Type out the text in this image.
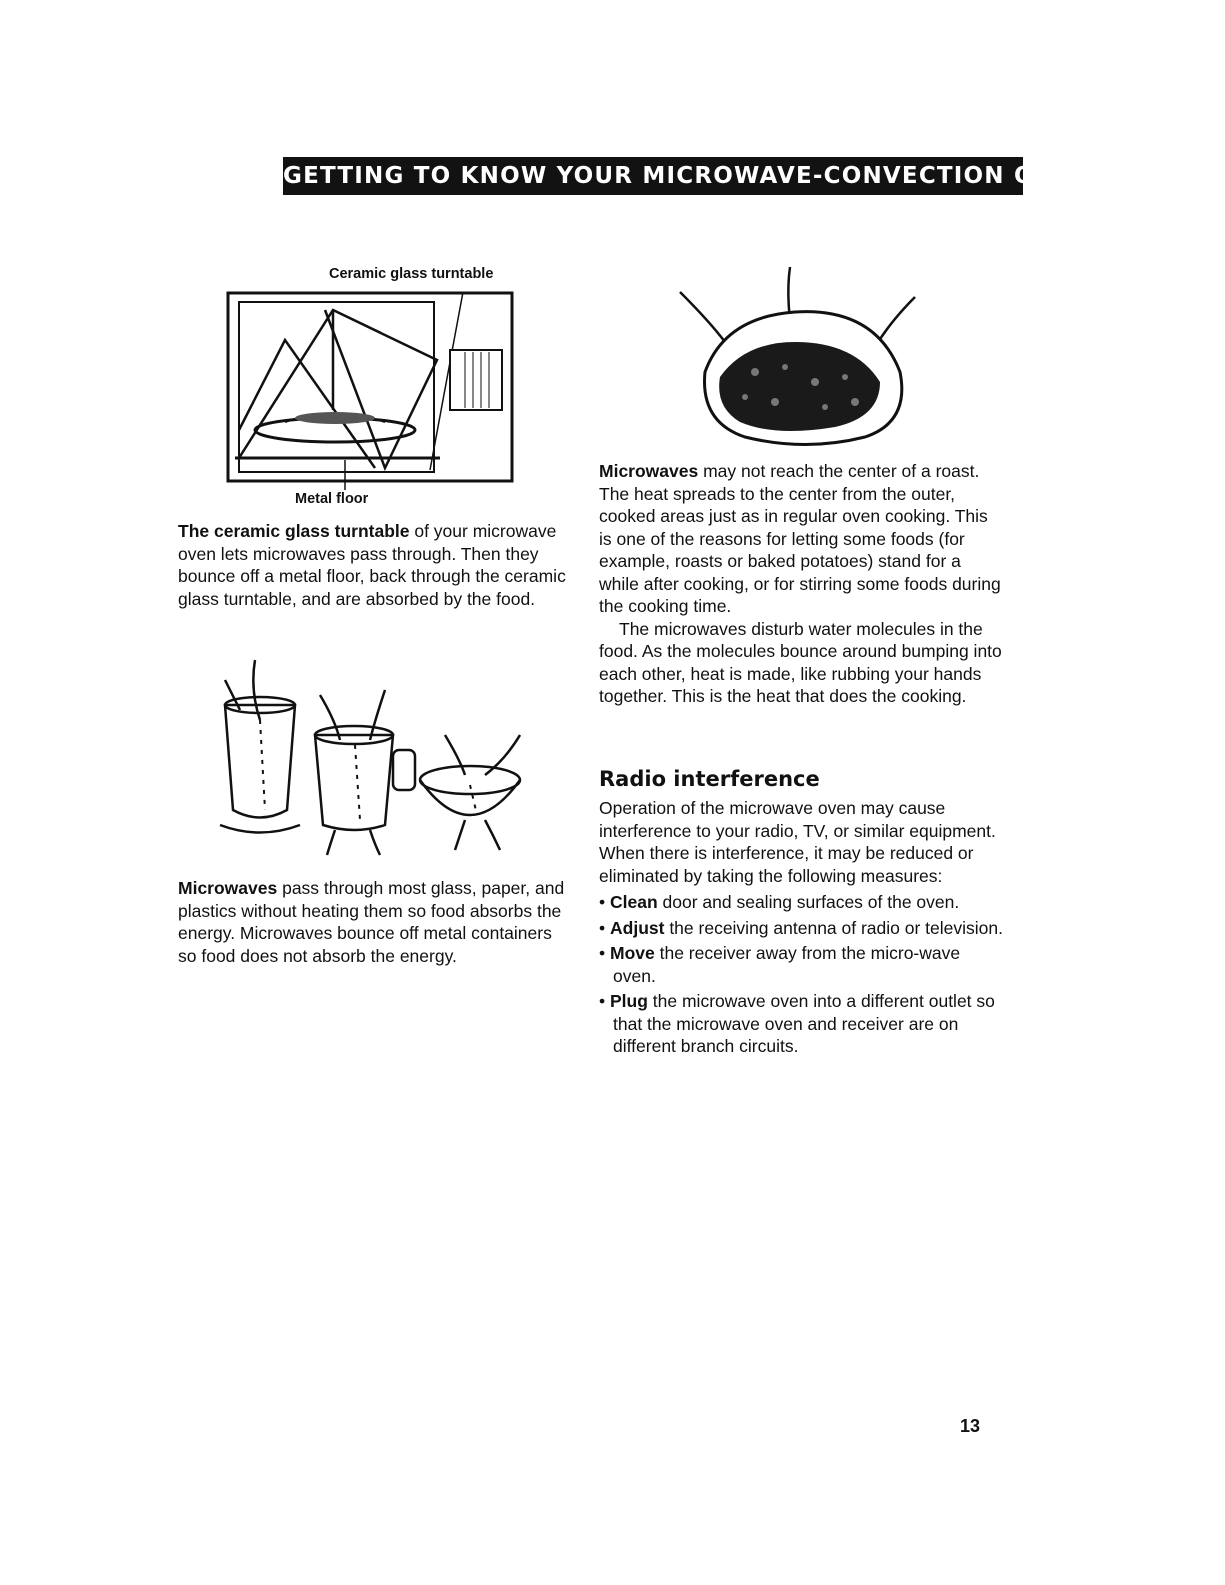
GETTING TO KNOW YOUR MICROWAVE-CONVECTION OVEN
Ceramic glass turntable
Metal floor

The ceramic glass turntable of your microwave oven lets microwaves pass through. Then they bounce off a metal floor, back through the ceramic glass turntable, and are absorbed by the food.

Microwaves pass through most glass, paper, and plastics without heating them so food absorbs the energy. Microwaves bounce off metal containers so food does not absorb the energy.

Microwaves may not reach the center of a roast. The heat spreads to the center from the outer, cooked areas just as in regular oven cooking. This is one of the reasons for letting some foods (for example, roasts or baked potatoes) stand for a while after cooking, or for stirring some foods during the cooking time.

The microwaves disturb water molecules in the food. As the molecules bounce around bumping into each other, heat is made, like rubbing your hands together. This is the heat that does the cooking.

Radio interference

Operation of the microwave oven may cause interference to your radio, TV, or similar equipment. When there is interference, it may be reduced or eliminated by taking the following measures:

• Clean door and sealing surfaces of the oven.
• Adjust the receiving antenna of radio or television.
• Move the receiver away from the micro-wave oven.
• Plug the microwave oven into a different outlet so that the microwave oven and receiver are on different branch circuits.
13
